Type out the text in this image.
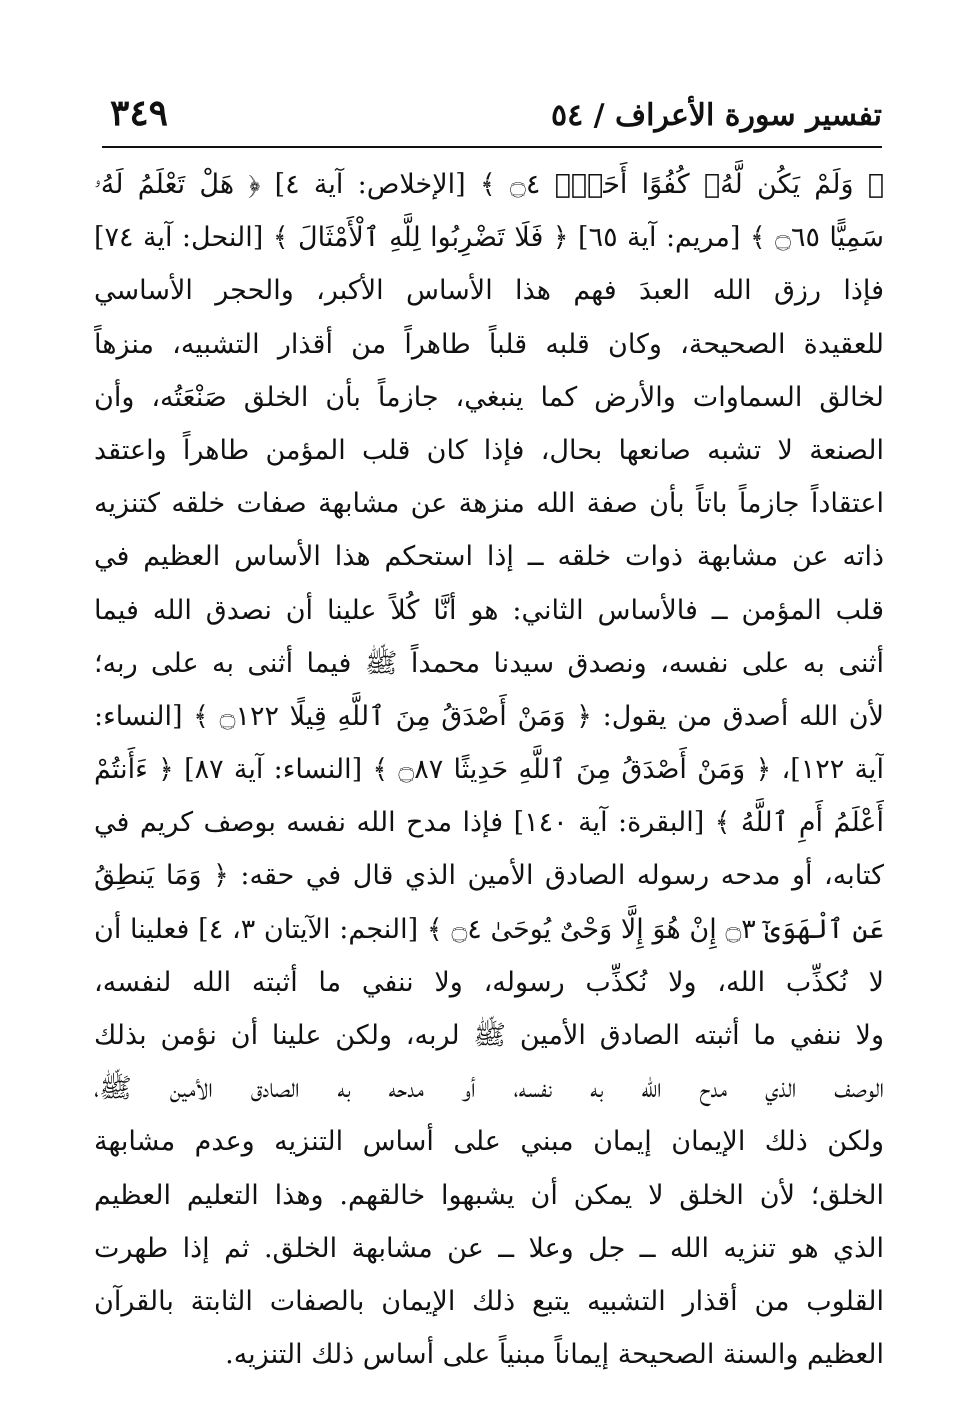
تفسير سورة الأعراف / ٥٤
٣٤٩
﴿ وَلَمْ يَكُن لَّهُۥ كُفُوًا أَحَدٌۢ ۝٤ ﴾ [الإخلاص: آية ٤] ﴿ هَلْ تَعْلَمُ لَهُۥ
سَمِيًّا ۝٦٥ ﴾ [مريم: آية ٦٥] ﴿ فَلَا تَضْرِبُوا لِلَّهِ ٱلْأَمْثَالَ ﴾ [النحل: آية ٧٤]
فإذا رزق الله العبدَ فهم هذا الأساس الأكبر، والحجر الأساسي
للعقيدة الصحيحة، وكان قلبه قلباً طاهراً من أقذار التشبيه، منزهاً
لخالق السماوات والأرض كما ينبغي، جازماً بأن الخلق صَنْعَتُه، وأن
الصنعة لا تشبه صانعها بحال، فإذا كان قلب المؤمن طاهراً واعتقد
اعتقاداً جازماً باتاً بأن صفة الله منزهة عن مشابهة صفات خلقه كتنزيه
ذاته عن مشابهة ذوات خلقه ــ إذا استحكم هذا الأساس العظيم في
قلب المؤمن ــ فالأساس الثاني: هو أنَّا كُلاً علينا أن نصدق الله فيما
أثنى به على نفسه، ونصدق سيدنا محمداً ﷺ فيما أثنى به على ربه؛
لأن الله أصدق من يقول: ﴿ وَمَنْ أَصْدَقُ مِنَ ٱللَّهِ قِيلًا ۝١٢٢ ﴾ [النساء:
آية ١٢٢]، ﴿ وَمَنْ أَصْدَقُ مِنَ ٱللَّهِ حَدِيثًا ۝٨٧ ﴾ [النساء: آية ٨٧] ﴿ ءَأَنتُمْ
أَعْلَمُ أَمِ ٱللَّهُ ﴾ [البقرة: آية ١٤٠] فإذا مدح الله نفسه بوصف كريم في
كتابه، أو مدحه رسوله الصادق الأمين الذي قال في حقه: ﴿ وَمَا يَنطِقُ
عَنِ ٱلْهَوَىٰٓ ۝٣ إِنْ هُوَ إِلَّا وَحْىٌ يُوحَىٰ ۝٤ ﴾ [النجم: الآيتان ٣، ٤] فعلينا أن
لا نُكذِّب الله، ولا نُكذِّب رسوله، ولا ننفي ما أثبته الله لنفسه،
ولا ننفي ما أثبته الصادق الأمين ﷺ لربه، ولكن علينا أن نؤمن بذلك
الوصف الذي مدح الله به نفسه، أو مدحه به الصادق الأمين ﷺ،
ولكن ذلك الإيمان إيمان مبني على أساس التنزيه وعدم مشابهة
الخلق؛ لأن الخلق لا يمكن أن يشبهوا خالقهم. وهذا التعليم العظيم
الذي هو تنزيه الله ــ جل وعلا ــ عن مشابهة الخلق. ثم إذا طهرت
القلوب من أقذار التشبيه يتبع ذلك الإيمان بالصفات الثابتة بالقرآن
العظيم والسنة الصحيحة إيماناً مبنياً على أساس ذلك التنزيه.
